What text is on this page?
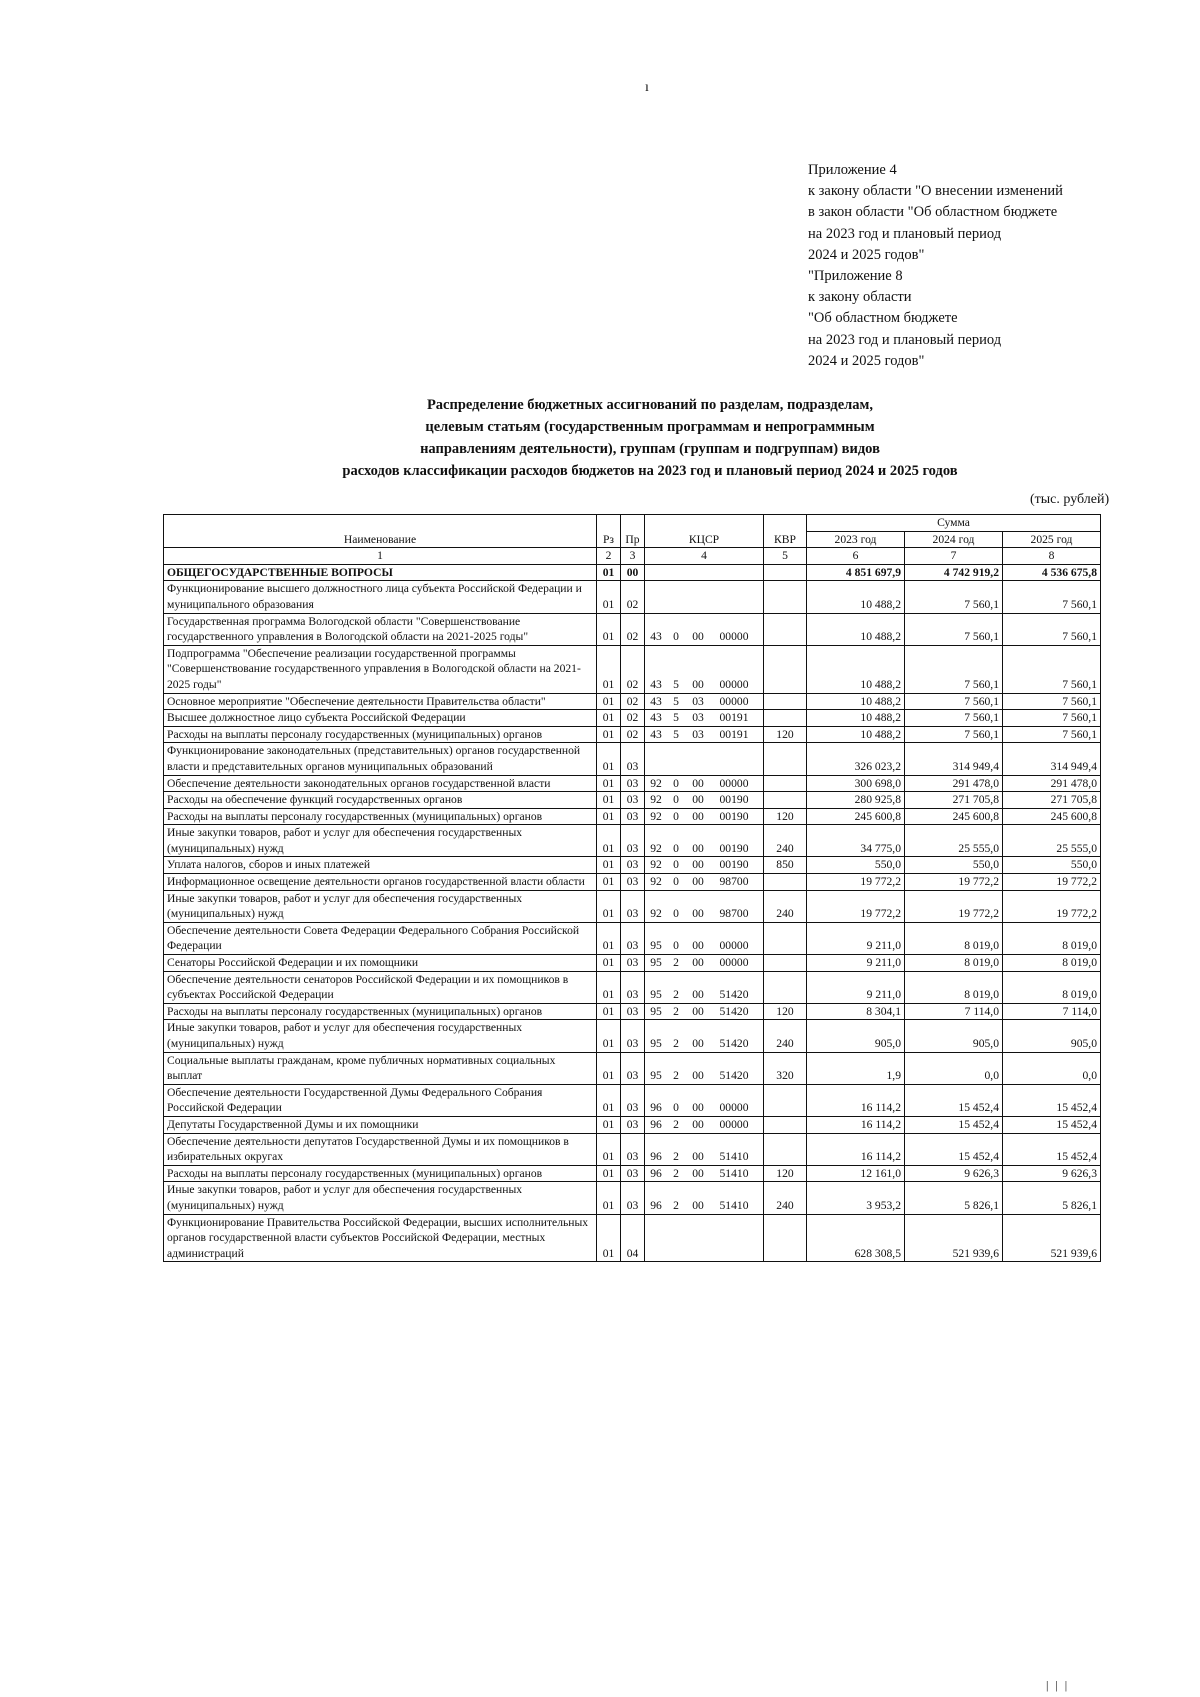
ı
Приложение 4
к закону области "О внесении изменений
в закон области "Об областном бюджете
на 2023 год и плановый период
2024 и 2025 годов"
"Приложение 8
к закону области
"Об областном бюджете
на 2023 год и плановый период
2024 и 2025 годов"
Распределение бюджетных ассигнований по разделам, подразделам,
целевым статьям (государственным программам и непрограммным
направлениям деятельности), группам (группам и подгруппам) видов
расходов классификации расходов бюджетов на 2023 год и плановый период 2024 и 2025 годов
(тыс. рублей)
Наименование	Рз	Пр	КЦСР	КВР	Сумма		
					2023 год	2024 год	2025 год
1	2	3	4	5	6	7	8
ОБЩЕГОСУДАРСТВЕННЫЕ ВОПРОСЫ	01	00			4 851 697,9	4 742 919,2	4 536 675,8
Функционирование высшего должностного лица субъекта Российской Федерации и муниципального образования	01	02			10 488,2	7 560,1	7 560,1
Государственная программа Вологодской области "Совершенствование государственного управления в Вологодской области на 2021-2025 годы"	01	02	43 0 00 00000		10 488,2	7 560,1	7 560,1
Подпрограмма "Обеспечение реализации государственной программы "Совершенствование государственного управления в Вологодской области на 2021-2025 годы"	01	02	43 5 00 00000		10 488,2	7 560,1	7 560,1
Основное мероприятие "Обеспечение деятельности Правительства области"	01	02	43 5 03 00000		10 488,2	7 560,1	7 560,1
Высшее должностное лицо субъекта Российской Федерации	01	02	43 5 03 00191		10 488,2	7 560,1	7 560,1
Расходы на выплаты персоналу государственных (муниципальных) органов	01	02	43 5 03 00191	120	10 488,2	7 560,1	7 560,1
Функционирование законодательных (представительных) органов государственной власти и представительных органов муниципальных образований	01	03			326 023,2	314 949,4	314 949,4
Обеспечение деятельности законодательных органов государственной власти	01	03	92 0 00 00000		300 698,0	291 478,0	291 478,0
Расходы на обеспечение функций государственных органов	01	03	92 0 00 00190		280 925,8	271 705,8	271 705,8
Расходы на выплаты персоналу государственных (муниципальных) органов	01	03	92 0 00 00190	120	245 600,8	245 600,8	245 600,8
Иные закупки товаров, работ и услуг для обеспечения государственных (муниципальных) нужд	01	03	92 0 00 00190	240	34 775,0	25 555,0	25 555,0
Уплата налогов, сборов и иных платежей	01	03	92 0 00 00190	850	550,0	550,0	550,0
Информационное освещение деятельности органов государственной власти области	01	03	92 0 00 98700		19 772,2	19 772,2	19 772,2
Иные закупки товаров, работ и услуг для обеспечения государственных (муниципальных) нужд	01	03	92 0 00 98700	240	19 772,2	19 772,2	19 772,2
Обеспечение деятельности Совета Федерации Федерального Собрания Российской Федерации	01	03	95 0 00 00000		9 211,0	8 019,0	8 019,0
Сенаторы Российской Федерации и их помощники	01	03	95 2 00 00000		9 211,0	8 019,0	8 019,0
Обеспечение деятельности сенаторов Российской Федерации и их помощников в субъектах Российской Федерации	01	03	95 2 00 51420		9 211,0	8 019,0	8 019,0
Расходы на выплаты персоналу государственных (муниципальных) органов	01	03	95 2 00 51420	120	8 304,1	7 114,0	7 114,0
Иные закупки товаров, работ и услуг для обеспечения государственных (муниципальных) нужд	01	03	95 2 00 51420	240	905,0	905,0	905,0
Социальные выплаты гражданам, кроме публичных нормативных социальных выплат	01	03	95 2 00 51420	320	1,9	0,0	0,0
Обеспечение деятельности Государственной Думы Федерального Собрания Российской Федерации	01	03	96 0 00 00000		16 114,2	15 452,4	15 452,4
Депутаты Государственной Думы и их помощники	01	03	96 2 00 00000		16 114,2	15 452,4	15 452,4
Обеспечение деятельности депутатов Государственной Думы и их помощников в избирательных округах	01	03	96 2 00 51410		16 114,2	15 452,4	15 452,4
Расходы на выплаты персоналу государственных (муниципальных) органов	01	03	96 2 00 51410	120	12 161,0	9 626,3	9 626,3
Иные закупки товаров, работ и услуг для обеспечения государственных (муниципальных) нужд	01	03	96 2 00 51410	240	3 953,2	5 826,1	5 826,1
Функционирование Правительства Российской Федерации, высших исполнительных органов государственной власти субъектов Российской Федерации, местных администраций	01	04			628 308,5	521 939,6	521 939,6
| | |
